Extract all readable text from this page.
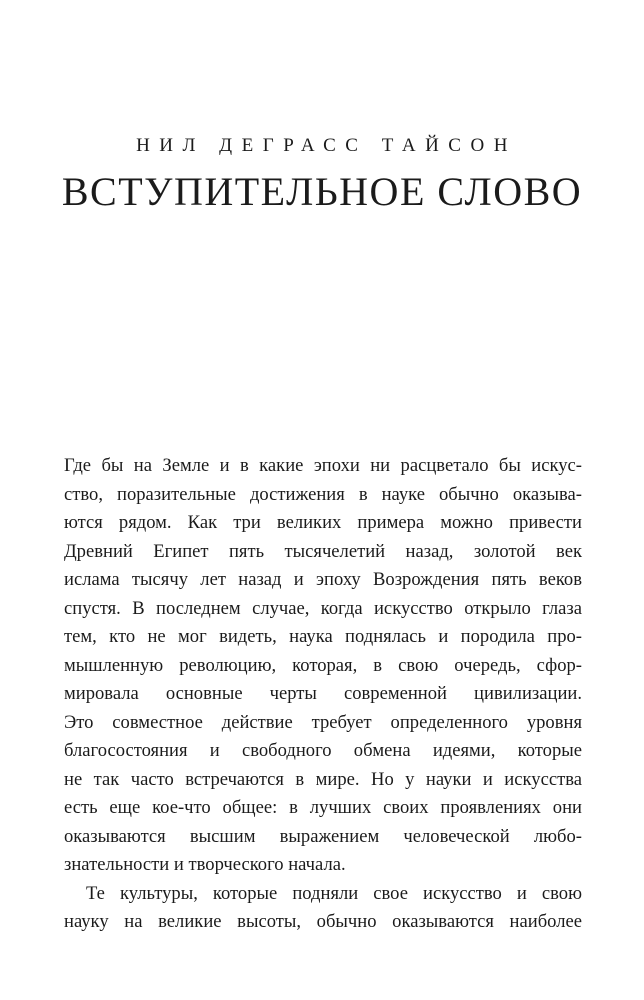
НИЛ ДЕГРАСС ТАЙСОН
ВСТУПИТЕЛЬНОЕ СЛОВО
Где бы на Земле и в какие эпохи ни расцветало бы искус-
ство, поразительные достижения в науке обычно оказыва-
ются рядом. Как три великих примера можно привести
Древний Египет пять тысячелетий назад, золотой век
ислама тысячу лет назад и эпоху Возрождения пять веков
спустя. В последнем случае, когда искусство открыло глаза
тем, кто не мог видеть, наука поднялась и породила про-
мышленную революцию, которая, в свою очередь, сфор-
мировала основные черты современной цивилизации.
Это совместное действие требует определенного уровня
благосостояния и свободного обмена идеями, которые
не так часто встречаются в мире. Но у науки и искусства
есть еще кое-что общее: в лучших своих проявлениях они
оказываются высшим выражением человеческой любо-
знательности и творческого начала.
Те культуры, которые подняли свое искусство и свою
науку на великие высоты, обычно оказываются наиболее
